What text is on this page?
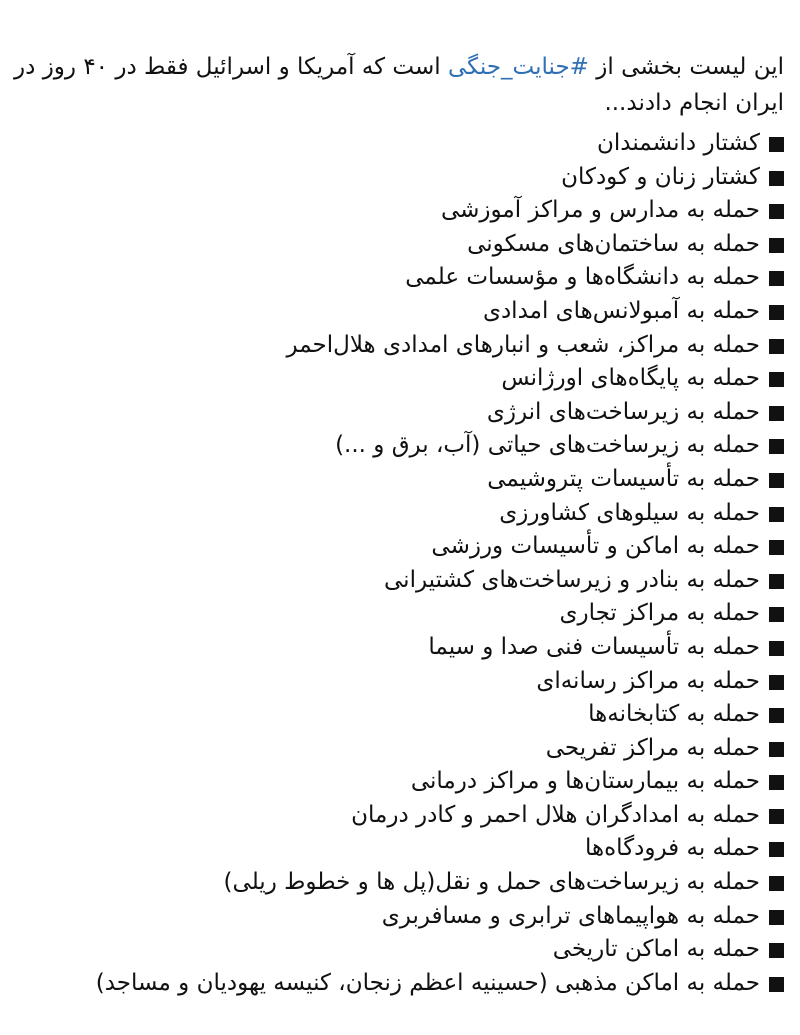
این لیست بخشی از #جنایت_جنگی است که آمریکا و اسرائیل فقط در ۴۰ روز در ایران انجام دادند...

کشتار دانشمندان
کشتار زنان و کودکان
حمله به مدارس و مراکز آموزشی
حمله به ساختمان‌های مسکونی
حمله به دانشگاه‌ها و مؤسسات علمی
حمله به آمبولانس‌های امدادی
حمله به مراکز، شعب و انبارهای امدادی هلال‌احمر
حمله به پایگاه‌های اورژانس
حمله به زیرساخت‌های انرژی
حمله به زیرساخت‌های حیاتی (آب، برق و ...)
حمله به تأسیسات پتروشیمی
حمله به سیلوهای کشاورزی
حمله به اماکن و تأسیسات ورزشی
حمله به بنادر و زیرساخت‌های کشتیرانی
حمله به مراکز تجاری
حمله به تأسیسات فنی صدا و سیما
حمله به مراکز رسانه‌ای
حمله به کتابخانه‌ها
حمله به مراکز تفریحی
حمله به بیمارستان‌ها و مراکز درمانی
حمله به امدادگران هلال احمر و کادر درمان
حمله به فرودگاه‌ها
حمله به زیرساخت‌های حمل و نقل(پل ها و خطوط ریلی)
حمله به هواپیماهای ترابری و مسافربری
حمله به اماکن تاریخی
حمله به اماکن مذهبی (حسینیه اعظم زنجان، کنیسه یهودیان و مساجد)
